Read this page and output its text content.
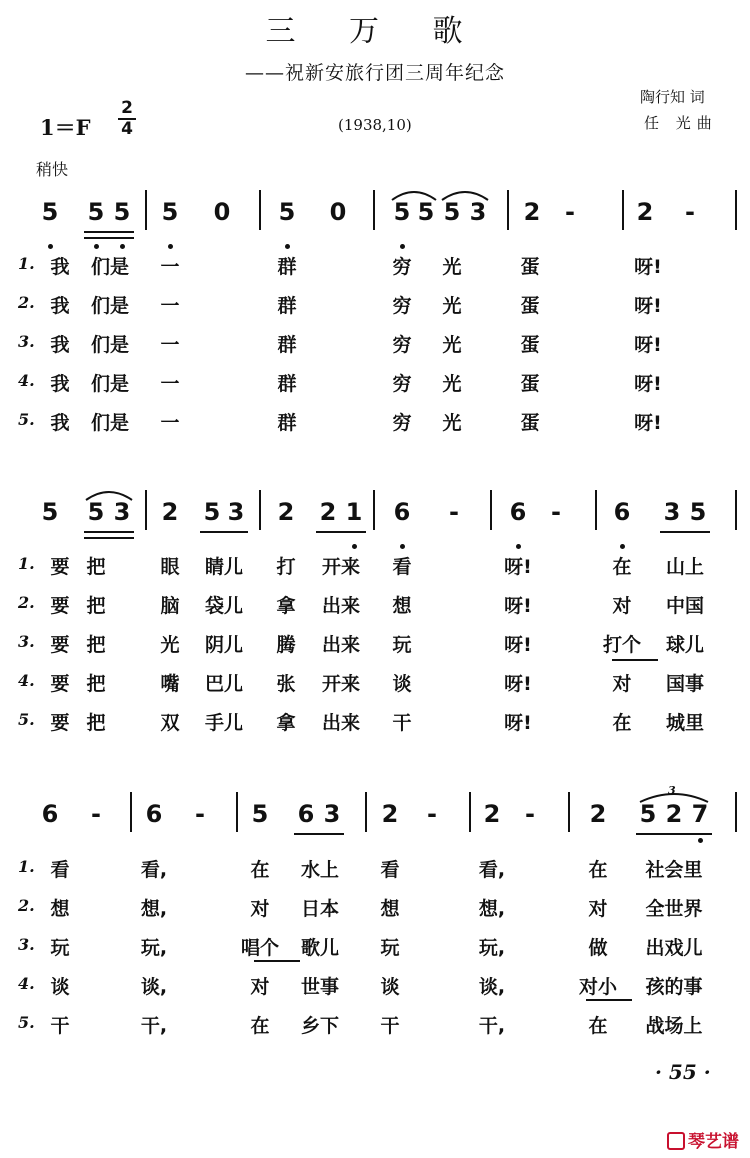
三 万 歌
——祝新安旅行团三周年纪念
陶行知 词
任 光曲
(1938,10)
1＝F
2
4
稍快
5 5 5 5 0 5 0 5 5 5 3 2 -	2 -
1. 我 们是 一	群	穷 光	蛋	呀!
2. 我 们是 一	群	穷 光	蛋	呀!
3. 我 们是 一	群	穷 光	蛋	呀!
4. 我 们是 一	群	穷 光	蛋	呀!
5. 我 们是 一	群	穷 光	蛋	呀!
5 5 3 2 5 3 2 2 1 6 - 6 - 6 3 5
1. 要 把	眼 睛儿 打 开来 看	呀!	在 山上
2. 要 把	脑 袋儿 拿 出来 想	呀!	对 中国
3. 要 把	光 阴儿 腾 出来 玩	呀!	打个 球儿
4. 要 把	嘴 巴儿 张 开来 谈	呀!	对 国事
5. 要 把	双 手儿 拿 出来 干	呀!	在 城里
6 - 6 - 5 6 3 2 - 2 - 2 5 2 7
3
1. 看	看,	在 水上 看	看,	在 社会里
2. 想	想,	对 日本 想	想,	对 全世界
3. 玩	玩,	唱个 歌儿 玩	玩,	做 出戏儿
4. 谈	谈,	对 世事 谈	谈,	对小 孩的事
5. 干	干,	在 乡下 干	干,	在 战场上
· 55 ·
琴艺谱
